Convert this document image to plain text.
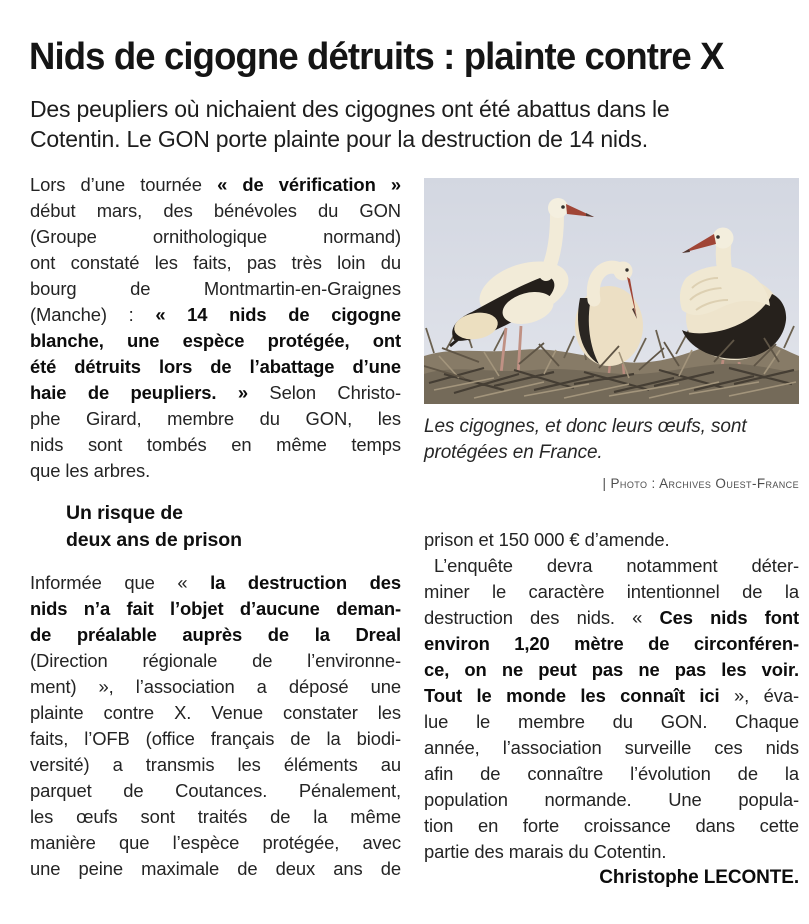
Nids de cigogne détruits : plainte contre X
Des peupliers où nichaient des cigognes ont été abattus dans le
Cotentin. Le GON porte plainte pour la destruction de 14 nids.
Lors d’une tournée « de vérification »
début mars, des bénévoles du GON
(Groupe ornithologique normand)
ont constaté les faits, pas très loin du
bourg de Montmartin-en-Graignes
(Manche) : « 14 nids de cigogne
blanche, une espèce protégée, ont
été détruits lors de l’abattage d’une
haie de peupliers. » Selon Christo-
phe Girard, membre du GON, les
nids sont tombés en même temps
que les arbres.
Un risque de
deux ans de prison
Informée que « la destruction des
nids n’a fait l’objet d’aucune deman-
de préalable auprès de la Dreal
(Direction régionale de l’environne-
ment) », l’association a déposé une
plainte contre X. Venue constater les
faits, l’OFB (office français de la biodi-
versité) a transmis les éléments au
parquet de Coutances. Pénalement,
les œufs sont traités de la même
manière que l’espèce protégée, avec
une peine maximale de deux ans de
Les cigognes, et donc leurs œufs, sont
protégées en France.
| Photo : Archives Ouest-France
prison et 150 000 € d’amende.
L’enquête devra notamment déter-
miner le caractère intentionnel de la
destruction des nids. « Ces nids font
environ 1,20 mètre de circonféren-
ce, on ne peut pas ne pas les voir.
Tout le monde les connaît ici », éva-
lue le membre du GON. Chaque
année, l’association surveille ces nids
afin de connaître l’évolution de la
population normande. Une popula-
tion en forte croissance dans cette
partie des marais du Cotentin.
Christophe LECONTE.
